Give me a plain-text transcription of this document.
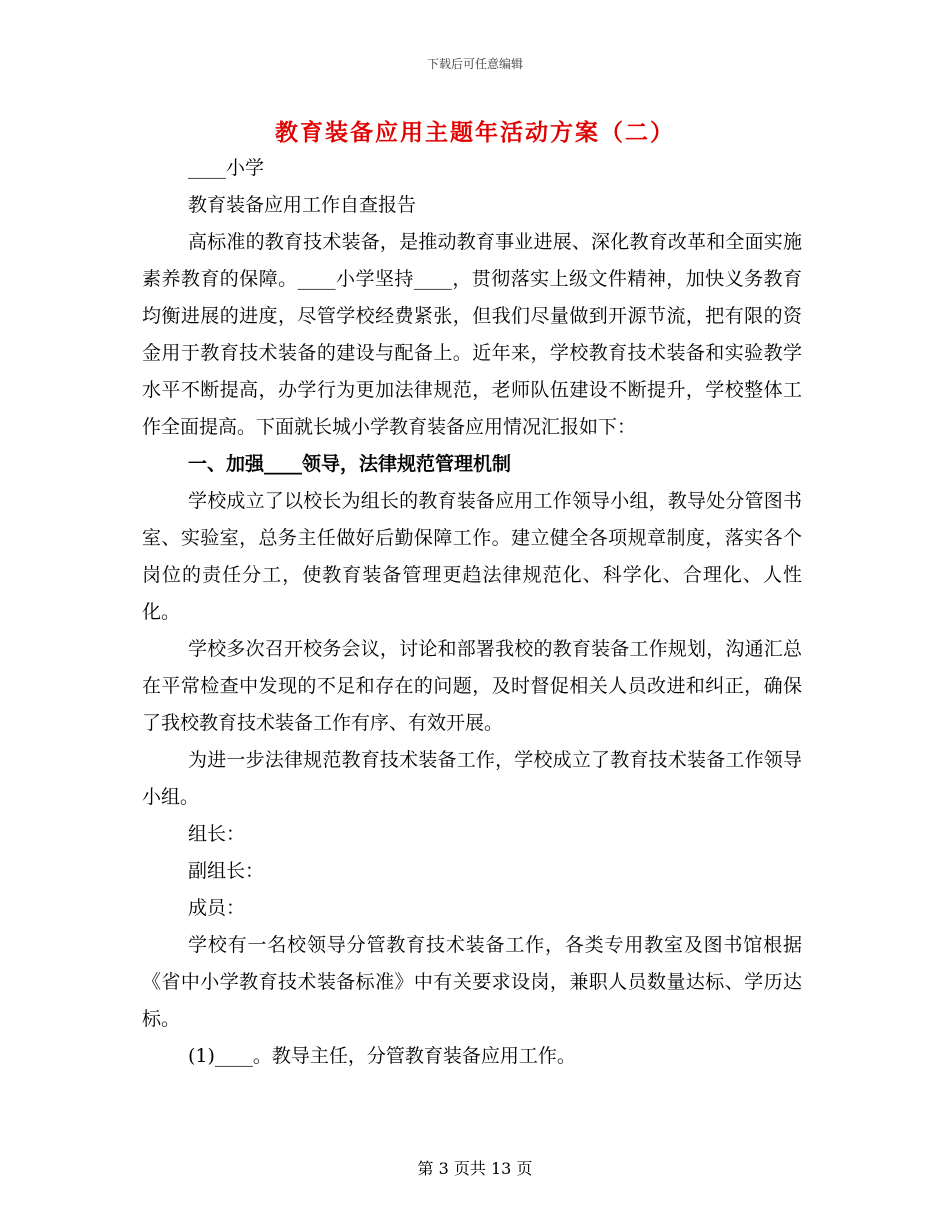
下载后可任意编辑
教育装备应用主题年活动方案（二）

____小学

教育装备应用工作自查报告

高标准的教育技术装备，是推动教育事业进展、深化教育改革和全面实施素养教育的保障。____小学坚持____，贯彻落实上级文件精神，加快义务教育均衡进展的进度，尽管学校经费紧张，但我们尽量做到开源节流，把有限的资金用于教育技术装备的建设与配备上。近年来，学校教育技术装备和实验教学水平不断提高，办学行为更加法律规范，老师队伍建设不断提升，学校整体工作全面提高。下面就长城小学教育装备应用情况汇报如下：

一、加强____领导，法律规范管理机制

学校成立了以校长为组长的教育装备应用工作领导小组，教导处分管图书室、实验室，总务主任做好后勤保障工作。建立健全各项规章制度，落实各个岗位的责任分工，使教育装备管理更趋法律规范化、科学化、合理化、人性化。

学校多次召开校务会议，讨论和部署我校的教育装备工作规划，沟通汇总在平常检查中发现的不足和存在的问题，及时督促相关人员改进和纠正，确保了我校教育技术装备工作有序、有效开展。

为进一步法律规范教育技术装备工作，学校成立了教育技术装备工作领导小组。

组长：

副组长：

成员：

学校有一名校领导分管教育技术装备工作，各类专用教室及图书馆根据《省中小学教育技术装备标准》中有关要求设岗，兼职人员数量达标、学历达标。

(1)____。教导主任，分管教育装备应用工作。

第 3 页共 13 页
